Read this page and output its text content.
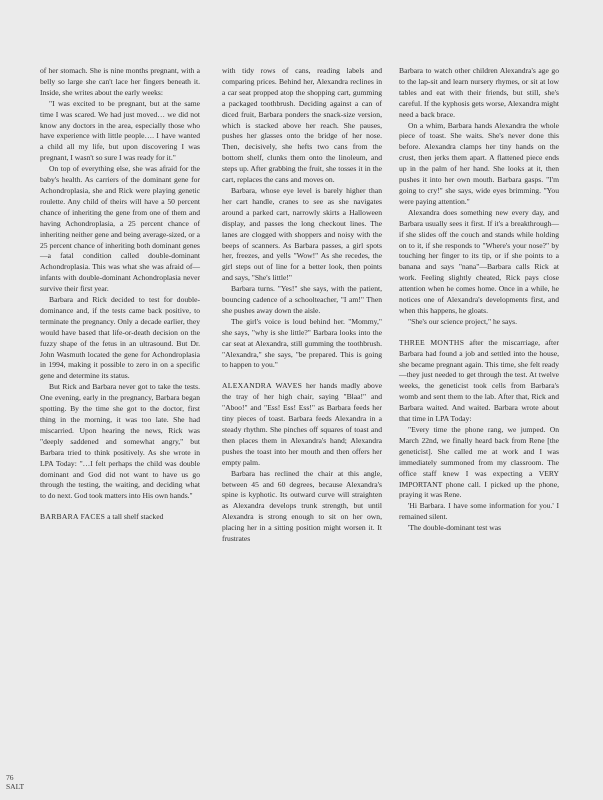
of her stomach. She is nine months pregnant, with a belly so large she can't lace her fingers beneath it. Inside, she writes about the early weeks:

"I was excited to be pregnant, but at the same time I was scared. We had just moved… we did not know any doctors in the area, especially those who have experience with little people…. I have wanted a child all my life, but upon discovering I was pregnant, I wasn't so sure I was ready for it."

On top of everything else, she was afraid for the baby's health. As carriers of the dominant gene for Achondroplasia, she and Rick were playing genetic roulette. Any child of theirs will have a 50 percent chance of inheriting the gene from one of them and having Achondroplasia, a 25 percent chance of inheriting neither gene and being average-sized, or a 25 percent chance of inheriting both dominant genes—a fatal condition called double-dominant Achondroplasia. This was what she was afraid of—infants with double-dominant Achondroplasia never survive their first year.

Barbara and Rick decided to test for double-dominance and, if the tests came back positive, to terminate the pregnancy. Only a decade earlier, they would have based that life-or-death decision on the fuzzy shape of the fetus in an ultrasound. But Dr. John Wasmuth located the gene for Achondroplasia in 1994, making it possible to zero in on a specific gene and determine its status.

But Rick and Barbara never got to take the tests. One evening, early in the pregnancy, Barbara began spotting. By the time she got to the doctor, first thing in the morning, it was too late. She had miscarried. Upon hearing the news, Rick was "deeply saddened and somewhat angry," but Barbara tried to think positively. As she wrote in LPA Today: "…I felt perhaps the child was double dominant and God did not want to have us go through the testing, the waiting, and deciding what to do next. God took matters into His own hands."

BARBARA FACES a tall shelf stacked

with tidy rows of cans, reading labels and comparing prices. Behind her, Alexandra reclines in a car seat propped atop the shopping cart, gumming a packaged toothbrush. Deciding against a can of diced fruit, Barbara ponders the snack-size version, which is stacked above her reach. She pauses, pushes her glasses onto the bridge of her nose. Then, decisively, she hefts two cans from the bottom shelf, clunks them onto the linoleum, and steps up. After grabbing the fruit, she tosses it in the cart, replaces the cans and moves on.

Barbara, whose eye level is barely higher than her cart handle, cranes to see as she navigates around a parked cart, narrowly skirts a Halloween display, and passes the long checkout lines. The lanes are clogged with shoppers and noisy with the beeps of scanners. As Barbara passes, a girl spots her, freezes, and yells "Wow!" As she recedes, the girl steps out of line for a better look, then points and says, "She's little!"

Barbara turns. "Yes!" she says, with the patient, bouncing cadence of a schoolteacher, "I am!" Then she pushes away down the aisle.

The girl's voice is loud behind her. "Mommy," she says, "why is she little?" Barbara looks into the car seat at Alexandra, still gumming the toothbrush. "Alexandra," she says, "be prepared. This is going to happen to you."

ALEXANDRA WAVES her hands madly above the tray of her high chair, saying "Blaa!" and "Aboo!" and "Ess! Ess! Ess!" as Barbara feeds her tiny pieces of toast. Barbara feeds Alexandra in a steady rhythm. She pinches off squares of toast and then places them in Alexandra's hand; Alexandra pushes the toast into her mouth and then offers her empty palm.

Barbara has reclined the chair at this angle, between 45 and 60 degrees, because Alexandra's spine is kyphotic. Its outward curve will straighten as Alexandra develops trunk strength, but until Alexandra is strong enough to sit on her own, placing her in a sitting position might worsen it. It frustrates

Barbara to watch other children Alexandra's age go to the lap-sit and learn nursery rhymes, or sit at low tables and eat with their friends, but still, she's careful. If the kyphosis gets worse, Alexandra might need a back brace.

On a whim, Barbara hands Alexandra the whole piece of toast. She waits. She's never done this before. Alexandra clamps her tiny hands on the crust, then jerks them apart. A flattened piece ends up in the palm of her hand. She looks at it, then pushes it into her own mouth. Barbara gasps. "I'm going to cry!" she says, wide eyes brimming. "You were paying attention."

Alexandra does something new every day, and Barbara usually sees it first. If it's a breakthrough—if she slides off the couch and stands while holding on to it, if she responds to "Where's your nose?" by touching her finger to its tip, or if she points to a banana and says "nana"—Barbara calls Rick at work. Feeling slightly cheated, Rick pays close attention when he comes home. Once in a while, he notices one of Alexandra's developments first, and when this happens, he gloats.

"She's our science project," he says.

THREE MONTHS after the miscarriage, after Barbara had found a job and settled into the house, she became pregnant again. This time, she felt ready—they just needed to get through the test. At twelve weeks, the geneticist took cells from Barbara's womb and sent them to the lab. After that, Rick and Barbara waited. And waited. Barbara wrote about that time in LPA Today:

"Every time the phone rang, we jumped. On March 22nd, we finally heard back from Rene [the geneticist]. She called me at work and I was immediately summoned from my classroom. The office staff knew I was expecting a VERY IMPORTANT phone call. I picked up the phone, praying it was Rene.

'Hi Barbara. I have some information for you.' I remained silent.

'The double-dominant test was

76
SALT
